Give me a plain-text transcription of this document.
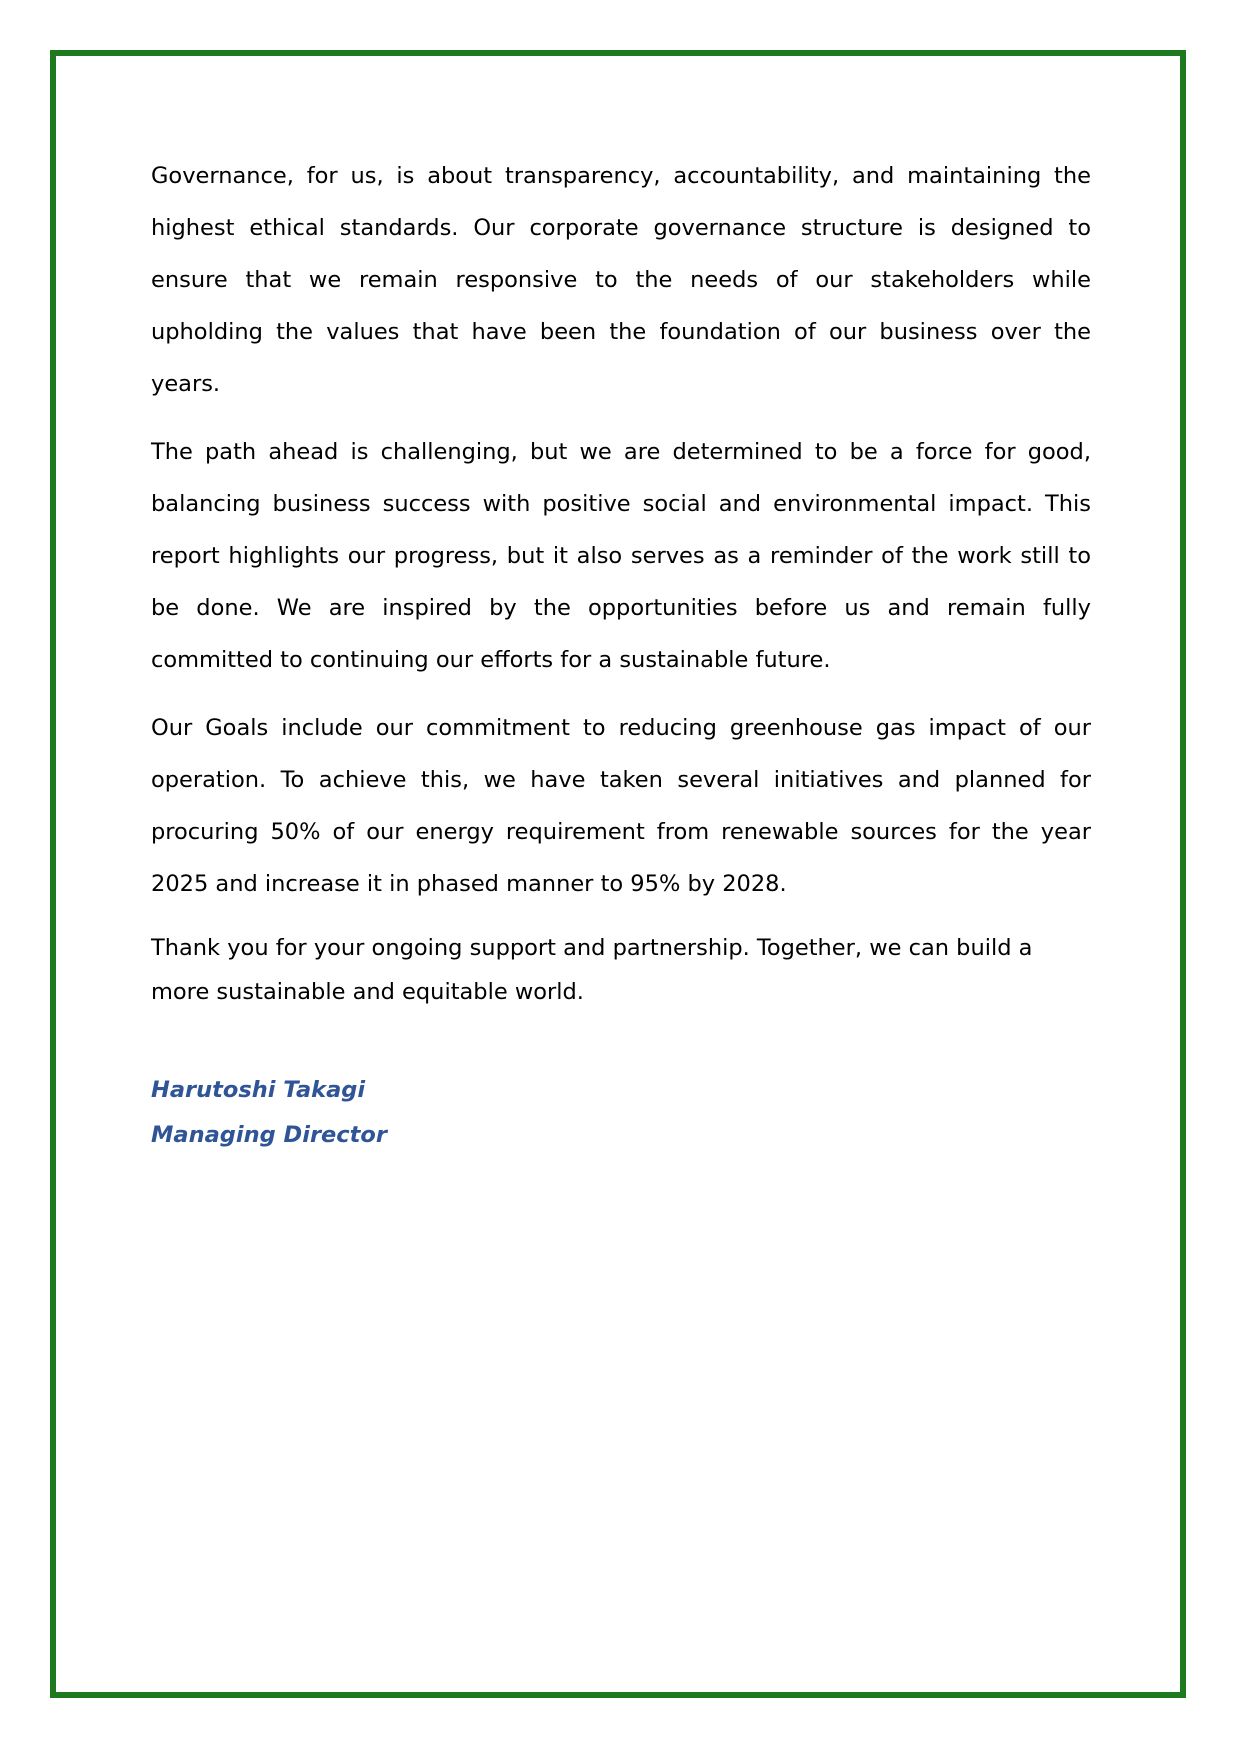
Governance, for us, is about transparency, accountability, and maintaining the highest ethical standards. Our corporate governance structure is designed to ensure that we remain responsive to the needs of our stakeholders while upholding the values that have been the foundation of our business over the years.

The path ahead is challenging, but we are determined to be a force for good, balancing business success with positive social and environmental impact. This report highlights our progress, but it also serves as a reminder of the work still to be done. We are inspired by the opportunities before us and remain fully committed to continuing our efforts for a sustainable future.

Our Goals include our commitment to reducing greenhouse gas impact of our operation. To achieve this, we have taken several initiatives and planned for procuring 50% of our energy requirement from renewable sources for the year 2025 and increase it in phased manner to 95% by 2028.

Thank you for your ongoing support and partnership. Together, we can build a more sustainable and equitable world.

Harutoshi Takagi
Managing Director
